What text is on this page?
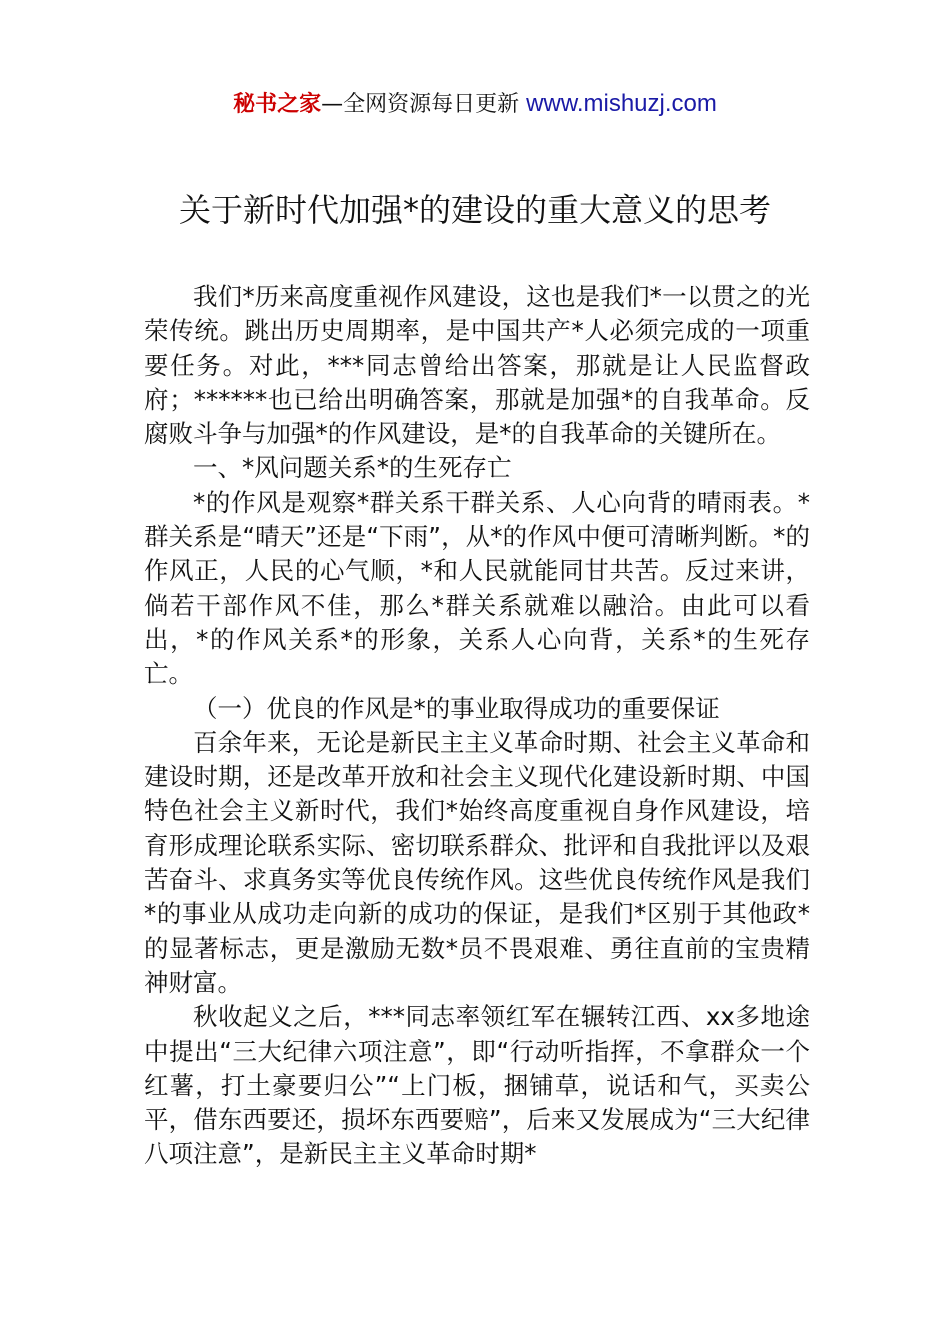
秘书之家—全网资源每日更新 www.mishuzj.com
关于新时代加强*的建设的重大意义的思考

我们*历来高度重视作风建设，这也是我们*一以贯之的光荣传统。跳出历史周期率，是中国共产*人必须完成的一项重要任务。对此，***同志曾给出答案，那就是让人民监督政府；******也已给出明确答案，那就是加强*的自我革命。反腐败斗争与加强*的作风建设，是*的自我革命的关键所在。

一、*风问题关系*的生死存亡

*的作风是观察*群关系干群关系、人心向背的晴雨表。*群关系是“晴天”还是“下雨”，从*的作风中便可清晰判断。*的作风正，人民的心气顺，*和人民就能同甘共苦。反过来讲，倘若干部作风不佳，那么*群关系就难以融洽。由此可以看出，*的作风关系*的形象，关系人心向背，关系*的生死存亡。

（一）优良的作风是*的事业取得成功的重要保证

百余年来，无论是新民主主义革命时期、社会主义革命和建设时期，还是改革开放和社会主义现代化建设新时期、中国特色社会主义新时代，我们*始终高度重视自身作风建设，培育形成理论联系实际、密切联系群众、批评和自我批评以及艰苦奋斗、求真务实等优良传统作风。这些优良传统作风是我们*的事业从成功走向新的成功的保证，是我们*区别于其他政*的显著标志，更是激励无数*员不畏艰难、勇往直前的宝贵精神财富。

秋收起义之后，***同志率领红军在辗转江西、xx多地途中提出“三大纪律六项注意”，即“行动听指挥，不拿群众一个红薯，打土豪要归公”“上门板，捆铺草，说话和气，买卖公平，借东西要还，损坏东西要赔”，后来又发展成为“三大纪律八项注意”，是新民主主义革命时期*
